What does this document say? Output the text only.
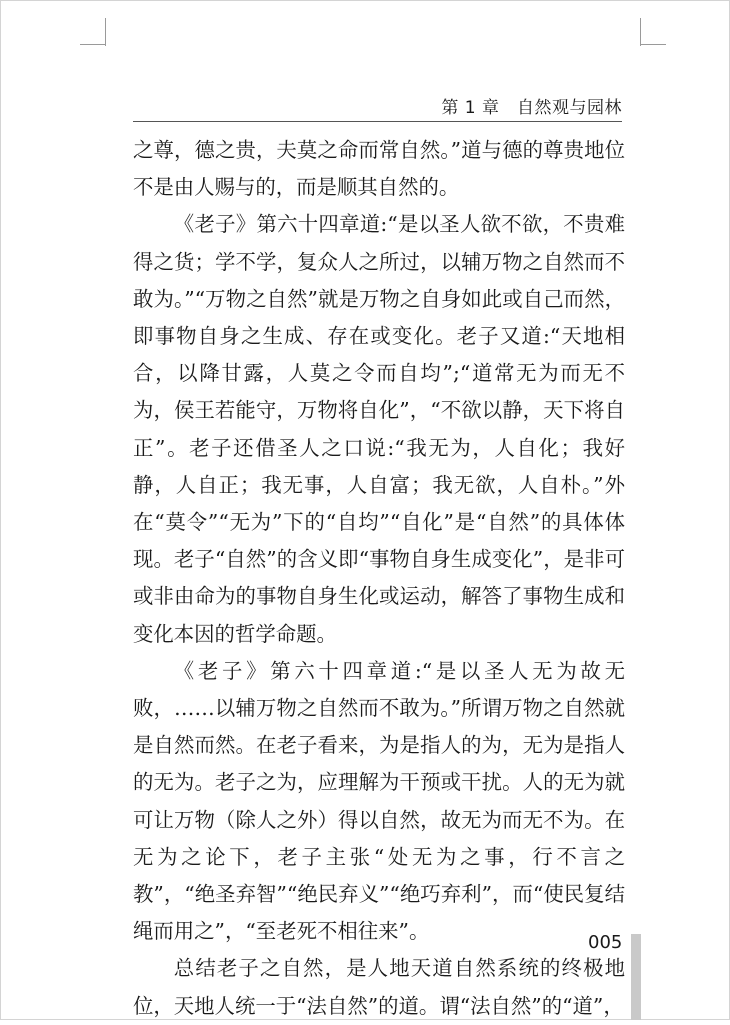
第 1 章　自然观与园林

之尊，德之贵，夫莫之命而常自然。”道与德的尊贵地位不是由人赐与的，而是顺其自然的。

《老子》第六十四章道:“是以圣人欲不欲，不贵难得之货；学不学，复众人之所过，以辅万物之自然而不敢为。”“万物之自然”就是万物之自身如此或自己而然，即事物自身之生成、存在或变化。老子又道:“天地相合，以降甘露，人莫之令而自均”;“道常无为而无不为，侯王若能守，万物将自化”，“不欲以静，天下将自正”。老子还借圣人之口说:“我无为，人自化；我好静，人自正；我无事，人自富；我无欲，人自朴。”外在“莫令”“无为”下的“自均”“自化”是“自然”的具体体现。老子“自然”的含义即“事物自身生成变化”，是非可或非由命为的事物自身生化或运动，解答了事物生成和变化本因的哲学命题。

《老子》第六十四章道:“是以圣人无为故无败，……以辅万物之自然而不敢为。”所谓万物之自然就是自然而然。在老子看来，为是指人的为，无为是指人的无为。老子之为，应理解为干预或干扰。人的无为就可让万物（除人之外）得以自然，故无为而无不为。在无为之论下，老子主张“处无为之事，行不言之教”，“绝圣弃智”“绝民弃义”“绝巧弃利”，而“使民复结绳而用之”，“至老死不相往来”。

总结老子之自然，是人地天道自然系统的终极地位，天地人统一于“法自然”的道。谓“法自然”的“道”，

005
